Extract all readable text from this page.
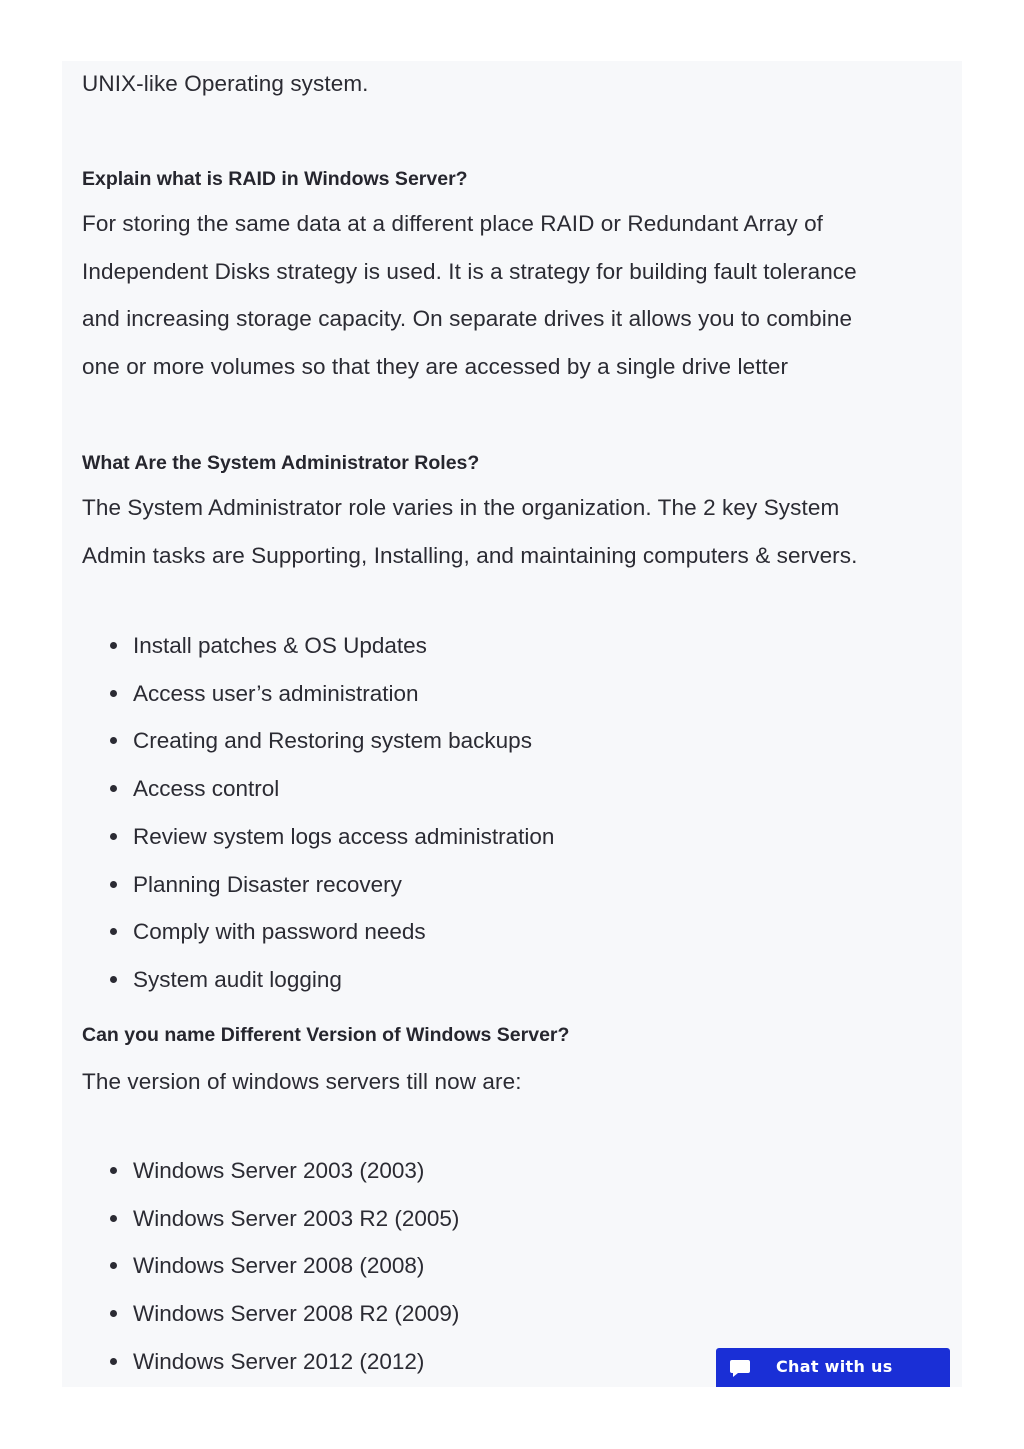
UNIX-like Operating system.

Explain what is RAID in Windows Server?

For storing the same data at a different place RAID or Redundant Array of

Independent Disks strategy is used. It is a strategy for building fault tolerance

and increasing storage capacity. On separate drives it allows you to combine

one or more volumes so that they are accessed by a single drive letter

What Are the System Administrator Roles?

The System Administrator role varies in the organization. The 2 key System

Admin tasks are Supporting, Installing, and maintaining computers & servers.

Install patches & OS Updates
Access user’s administration
Creating and Restoring system backups
Access control
Review system logs access administration
Planning Disaster recovery
Comply with password needs
System audit logging
Can you name Different Version of Windows Server?

The version of windows servers till now are:

Windows Server 2003 (2003)
Windows Server 2003 R2 (2005)
Windows Server 2008 (2008)
Windows Server 2008 R2 (2009)
Windows Server 2012 (2012)	Chat with us
